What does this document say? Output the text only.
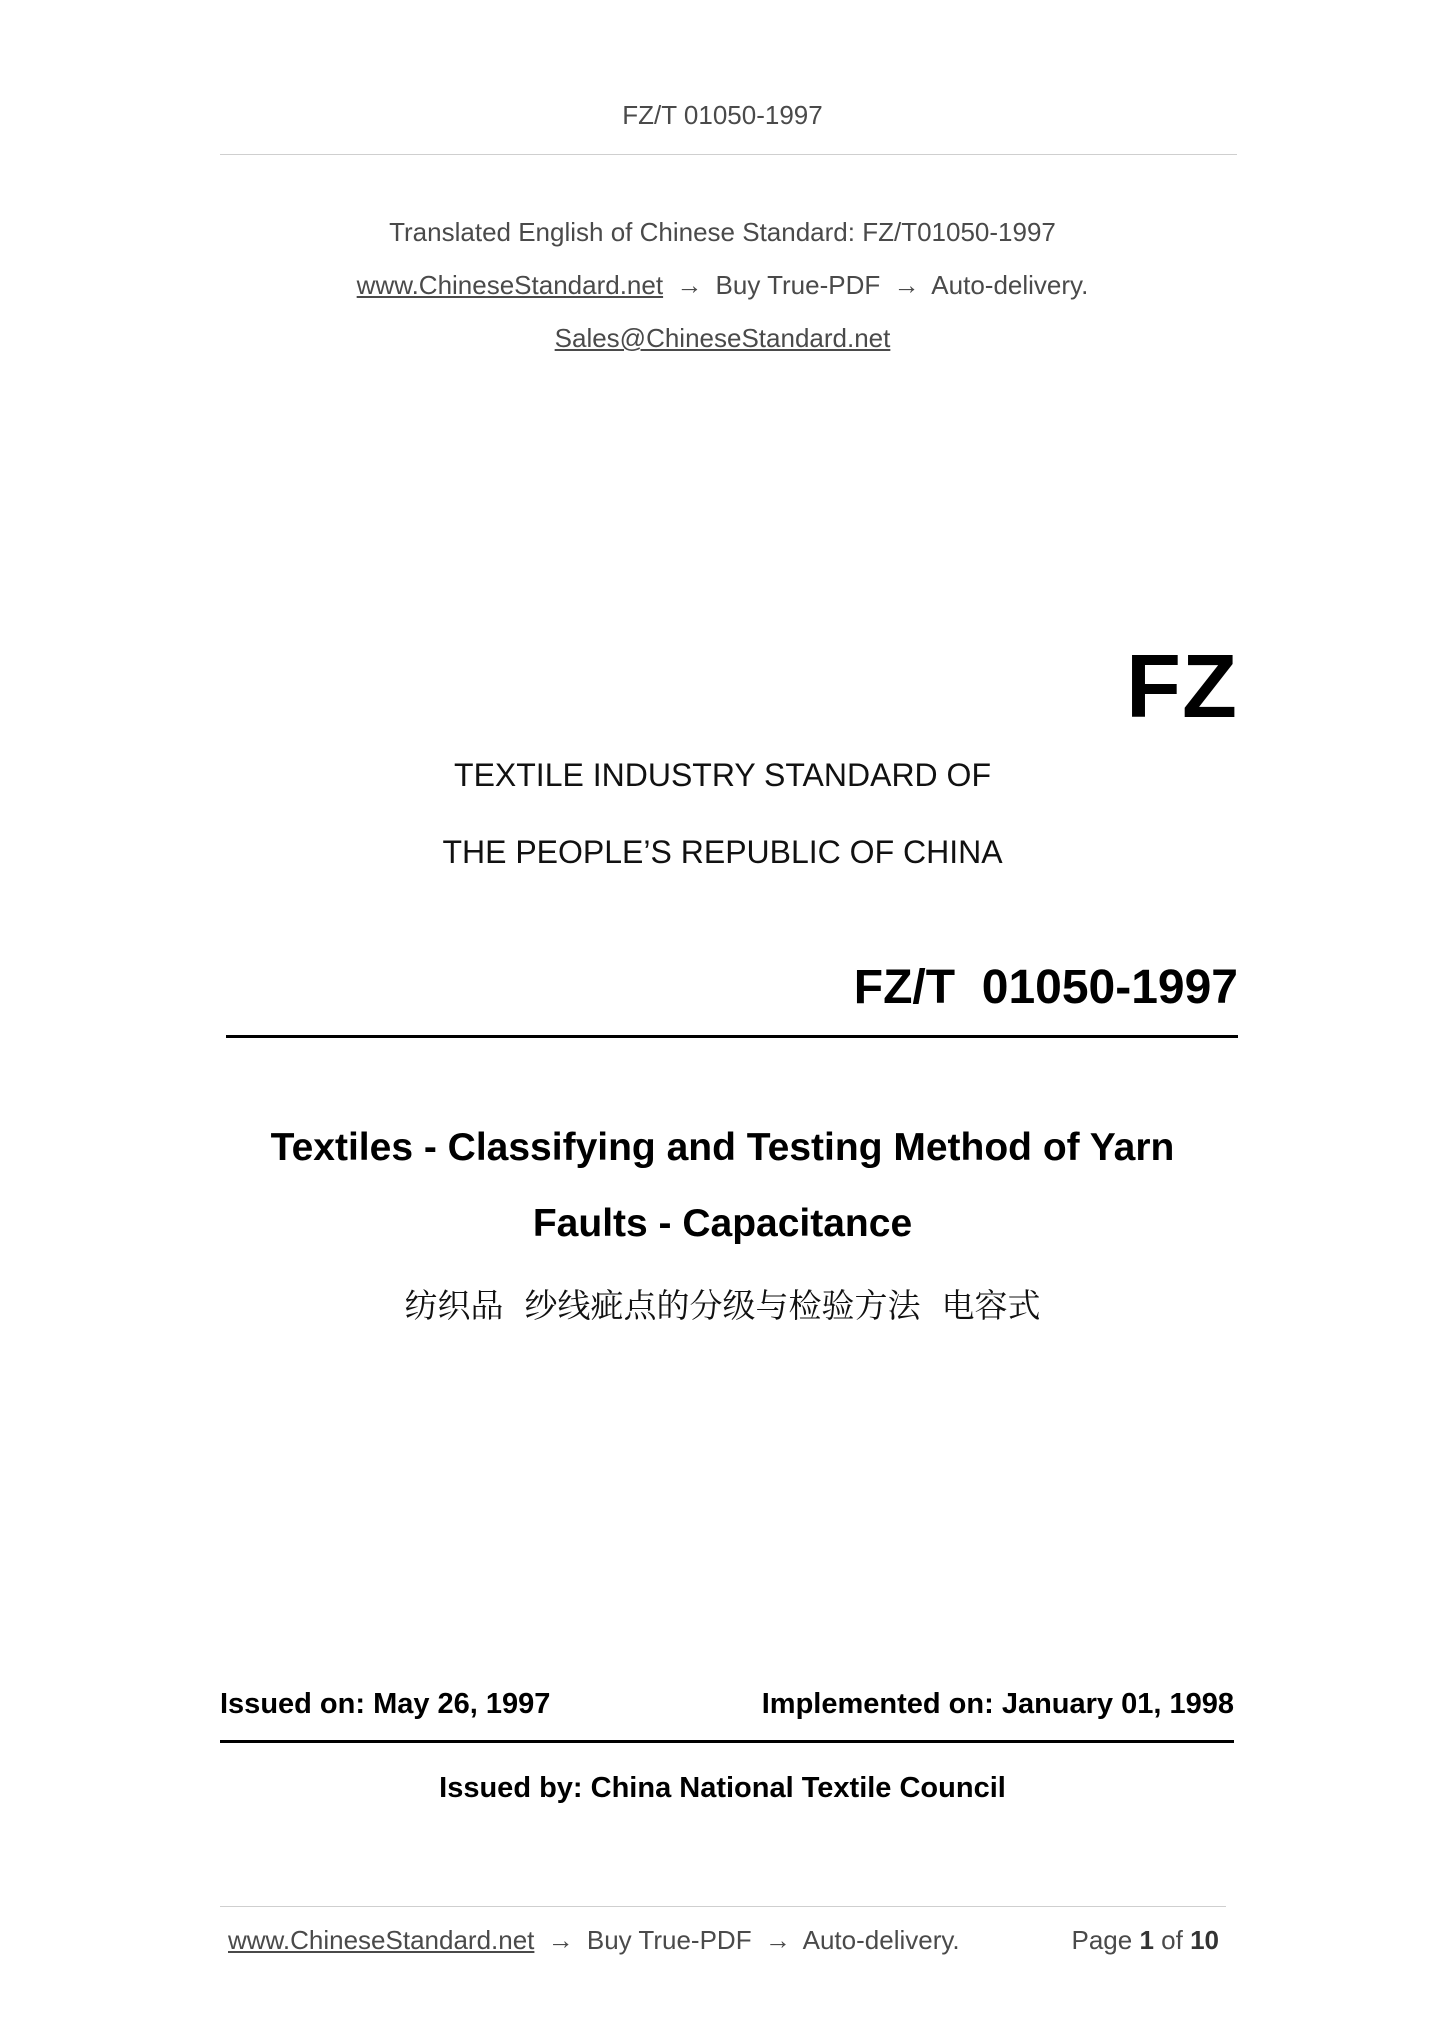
FZ/T 01050-1997
Translated English of Chinese Standard: FZ/T01050-1997
www.ChineseStandard.net → Buy True-PDF → Auto-delivery.
Sales@ChineseStandard.net
FZ
TEXTILE INDUSTRY STANDARD OF
THE PEOPLE’S REPUBLIC OF CHINA
FZ/T  01050-1997
Textiles - Classifying and Testing Method of Yarn
Faults - Capacitance
纺织品  纱线疵点的分级与检验方法  电容式
Issued on: May 26, 1997	Implemented on: January 01, 1998
Issued by: China National Textile Council
www.ChineseStandard.net → Buy True-PDF → Auto-delivery.	Page 1 of 10
